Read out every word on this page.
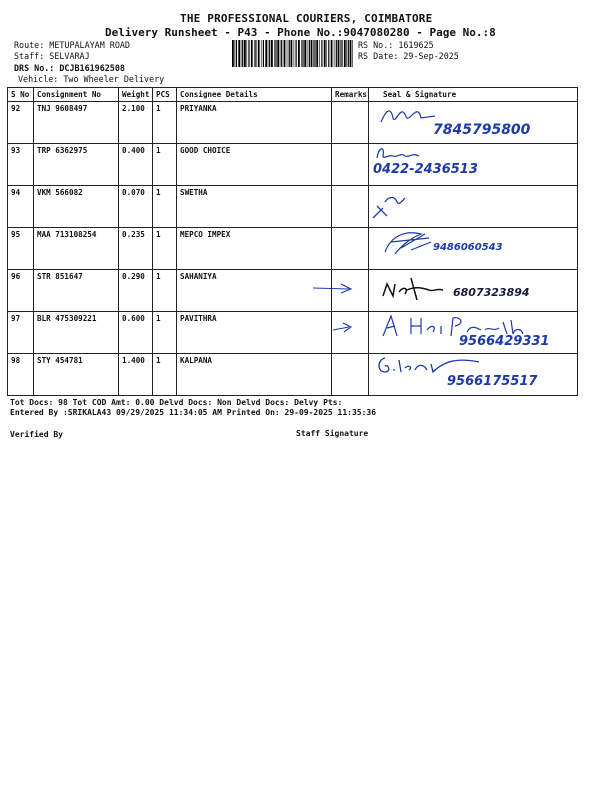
THE PROFESSIONAL COURIERS, COIMBATORE
Delivery Runsheet - P43 - Phone No.:9047080280 - Page No.:8
Route: METUPALAYAM ROAD
Staff: SELVARAJ
DRS No.: DCJB161962508
Vehicle: Two Wheeler Delivery
RS No.: 1619625
RS Date: 29-Sep-2025
S No	Consignment No	Weight	PCS	Consignee Details	Remarks	Seal & Signature
92	TNJ 9608497	2.100	1	PRIYANKA		7845795800

93	TRP 6362975	0.400	1	GOOD CHOICE		0422-2436513

94	VKM 566082	0.070	1	SWETHA		

95	MAA 713108254	0.235	1	MEPCO IMPEX		9486060543

96	STR 851647	0.290	1	SAHANIYA		6807323894

97	BLR 475309221	0.600	1	PAVITHRA		9566429331

98	STY 454781	1.400	1	KALPANA		9566175517
Tot Docs: 98 Tot COD Amt: 0.00 Delvd Docs: Non Delvd Docs: Delvy Pts:
Entered By :SRIKALA43 09/29/2025 11:34:05 AM Printed On: 29-09-2025 11:35:36
Verified By	Staff Signature
